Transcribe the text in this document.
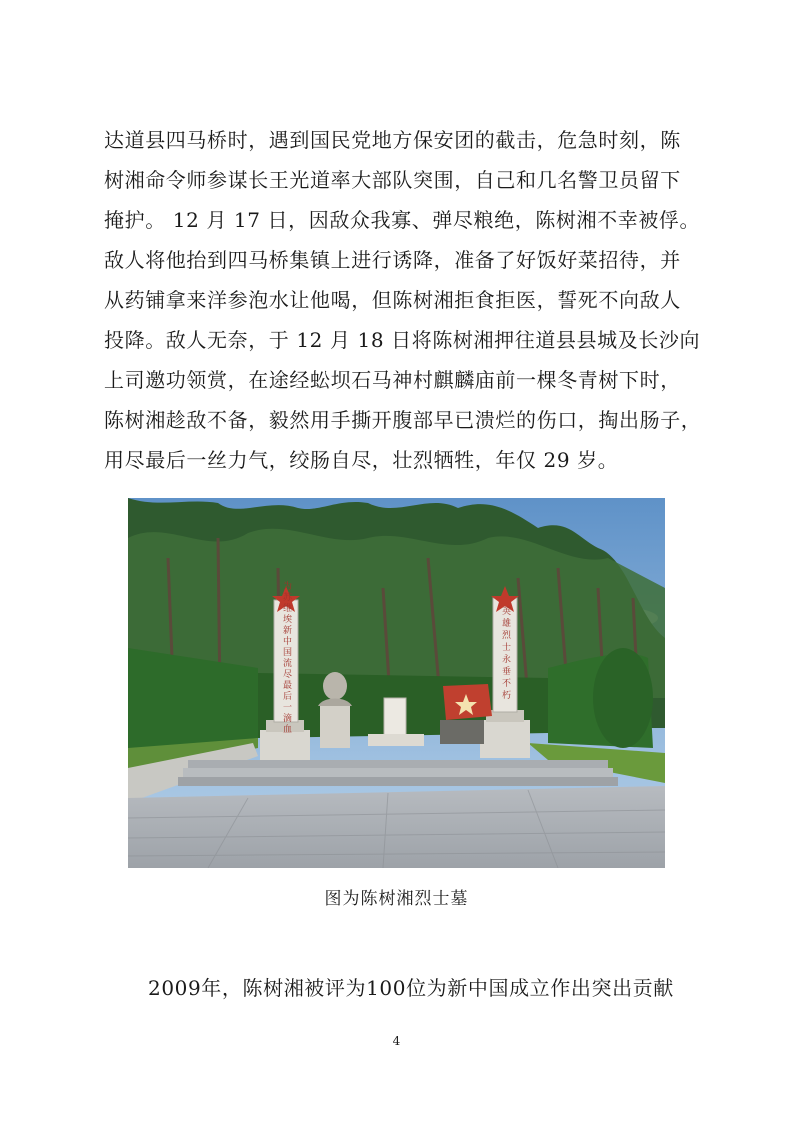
达道县四马桥时，遇到国民党地方保安团的截击，危急时刻，陈
树湘命令师参谋长王光道率大部队突围，自己和几名警卫员留下
掩护。 12 月 17 日，因敌众我寡、弹尽粮绝，陈树湘不幸被俘。
敌人将他抬到四马桥集镇上进行诱降，准备了好饭好菜招待，并
从药铺拿来洋参泡水让他喝，但陈树湘拒食拒医，誓死不向敌人
投降。敌人无奈，于 12 月 18 日将陈树湘押往道县县城及长沙向
上司邀功领赏，在途经蚣坝石马神村麒麟庙前一棵冬青树下时，
陈树湘趁敌不备，毅然用手撕开腹部早已溃烂的伤口，掏出肠子，
用尽最后一丝力气，绞肠自尽，壮烈牺牲，年仅 29 岁。
为苏维埃新中国流尽最后一滴血	英雄烈士永垂不朽
图为陈树湘烈士墓

2009年，陈树湘被评为100位为新中国成立作出突出贡献

4
